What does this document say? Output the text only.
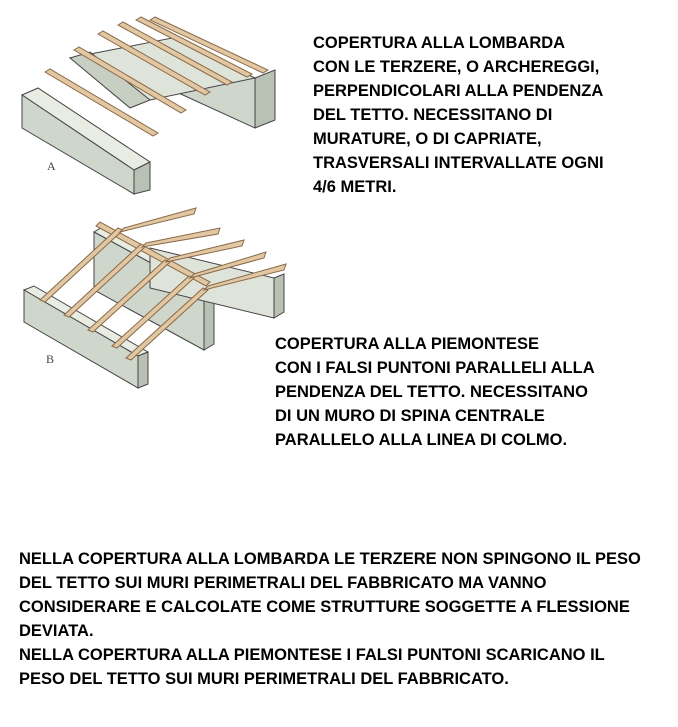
A
B
COPERTURA ALLA LOMBARDA
CON LE TERZERE, O ARCHEREGGI,
PERPENDICOLARI ALLA PENDENZA
DEL TETTO. NECESSITANO DI
MURATURE, O DI CAPRIATE,
TRASVERSALI INTERVALLATE OGNI
4/6 METRI.
COPERTURA ALLA PIEMONTESE
CON I FALSI PUNTONI PARALLELI ALLA
PENDENZA DEL TETTO. NECESSITANO
DI UN MURO DI SPINA CENTRALE
PARALLELO ALLA LINEA DI COLMO.
NELLA COPERTURA ALLA LOMBARDA LE TERZERE NON SPINGONO IL PESO
DEL TETTO SUI MURI PERIMETRALI DEL FABBRICATO MA VANNO
CONSIDERARE E CALCOLATE COME STRUTTURE SOGGETTE A FLESSIONE
DEVIATA.
NELLA COPERTURA ALLA PIEMONTESE I FALSI PUNTONI SCARICANO IL
PESO DEL TETTO SUI MURI PERIMETRALI DEL FABBRICATO.
